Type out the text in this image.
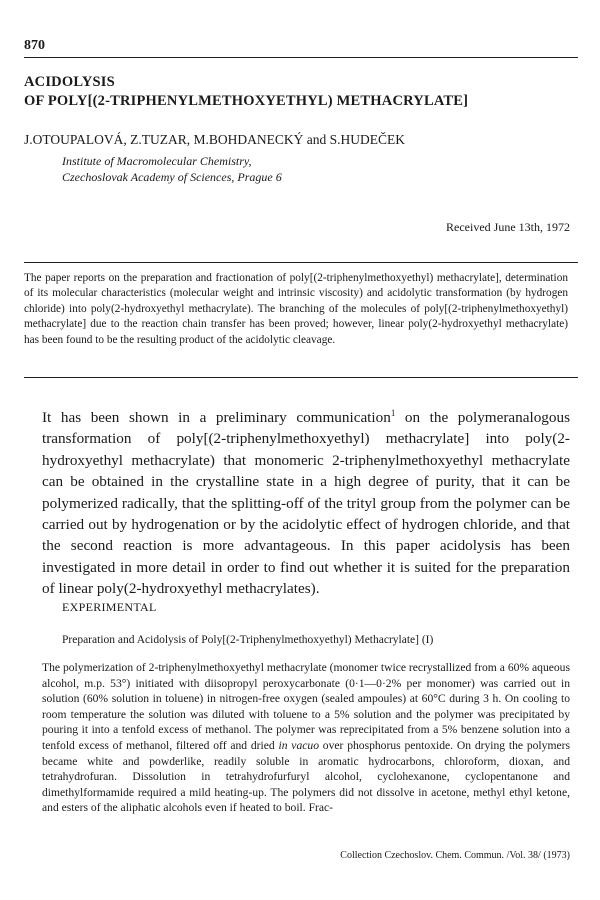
870
ACIDOLYSIS
OF POLY[(2-TRIPHENYLMETHOXYETHYL) METHACRYLATE]
J.OTOUPALOVÁ, Z.TUZAR, M.BOHDANECKÝ and S.HUDEČEK
Institute of Macromolecular Chemistry,
Czechoslovak Academy of Sciences, Prague 6
Received June 13th, 1972

The paper reports on the preparation and fractionation of poly[(2-triphenylmethoxyethyl) methacrylate], determination of its molecular characteristics (molecular weight and intrinsic viscosity) and acidolytic transformation (by hydrogen chloride) into poly(2-hydroxyethyl methacrylate). The branching of the molecules of poly[(2-triphenylmethoxyethyl) methacrylate] due to the reaction chain transfer has been proved; however, linear poly(2-hydroxyethyl methacrylate) has been found to be the resulting product of the acidolytic cleavage.

It has been shown in a preliminary communication$^1$ on the polymeranalogous transformation of poly[(2-triphenylmethoxyethyl) methacrylate] into poly(2-hydroxyethyl methacrylate) that monomeric 2-triphenylmethoxyethyl methacrylate can be obtained in the crystalline state in a high degree of purity, that it can be polymerized radically, that the splitting-off of the trityl group from the polymer can be carried out by hydrogenation or by the acidolytic effect of hydrogen chloride, and that the second reaction is more advantageous. In this paper acidolysis has been investigated in more detail in order to find out whether it is suited for the preparation of linear poly(2-hydroxyethyl methacrylates).

EXPERIMENTAL
Preparation and Acidolysis of Poly[(2-Triphenylmethoxyethyl) Methacrylate] (I)

The polymerization of 2-triphenylmethoxyethyl methacrylate (monomer twice recrystallized from a 60% aqueous alcohol, m.p. 53°) initiated with diisopropyl peroxycarbonate (0·1—0·2% per monomer) was carried out in solution (60% solution in toluene) in nitrogen-free oxygen (sealed ampoules) at 60°C during 3 h. On cooling to room temperature the solution was diluted with toluene to a 5% solution and the polymer was precipitated by pouring it into a tenfold excess of methanol. The polymer was reprecipitated from a 5% benzene solution into a tenfold excess of methanol, filtered off and dried in vacuo over phosphorus pentoxide. On drying the polymers became white and powderlike, readily soluble in aromatic hydrocarbons, chloroform, dioxan, and tetrahydrofuran. Dissolution in tetrahydrofurfuryl alcohol, cyclohexanone, cyclopentanone and dimethylformamide required a mild heating-up. The polymers did not dissolve in acetone, methyl ethyl ketone, and esters of the aliphatic alcohols even if heated to boil. Frac-

Collection Czechoslov. Chem. Commun. /Vol. 38/ (1973)
